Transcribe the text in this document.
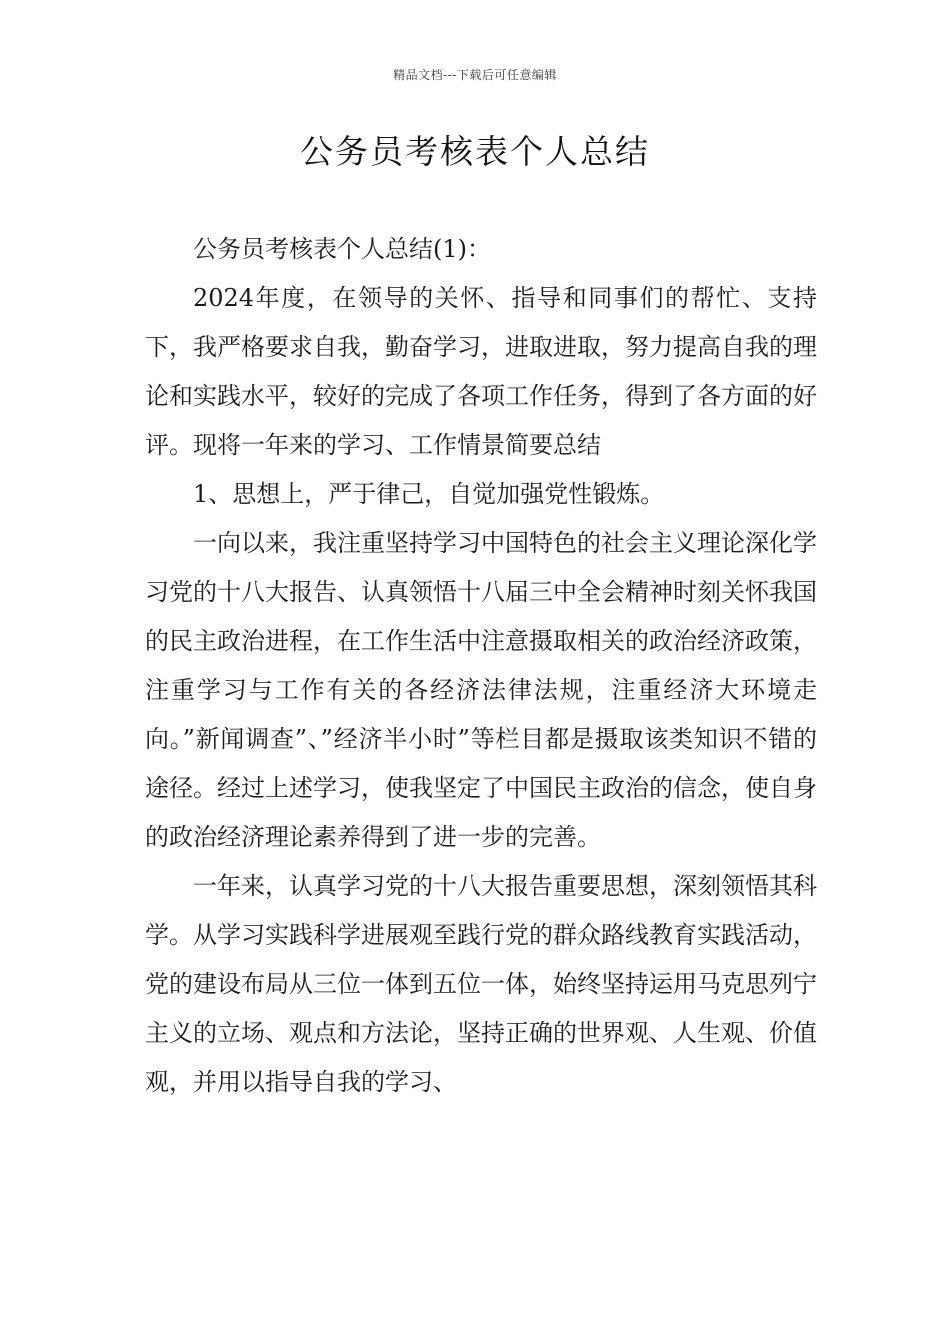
精品文档---下载后可任意编辑
公务员考核表个人总结

公务员考核表个人总结(1)：

2024年度，在领导的关怀、指导和同事们的帮忙、支持下，我严格要求自我，勤奋学习，进取进取，努力提高自我的理论和实践水平，较好的完成了各项工作任务，得到了各方面的好评。现将一年来的学习、工作情景简要总结

1、思想上，严于律己，自觉加强党性锻炼。

一向以来，我注重坚持学习中国特色的社会主义理论深化学习党的十八大报告、认真领悟十八届三中全会精神时刻关怀我国的民主政治进程，在工作生活中注意摄取相关的政治经济政策，注重学习与工作有关的各经济法律法规，注重经济大环境走向。”新闻调查”、”经济半小时”等栏目都是摄取该类知识不错的途径。经过上述学习，使我坚定了中国民主政治的信念，使自身的政治经济理论素养得到了进一步的完善。

一年来，认真学习党的十八大报告重要思想，深刻领悟其科学。从学习实践科学进展观至践行党的群众路线教育实践活动，党的建设布局从三位一体到五位一体，始终坚持运用马克思列宁主义的立场、观点和方法论，坚持正确的世界观、人生观、价值观，并用以指导自我的学习、
